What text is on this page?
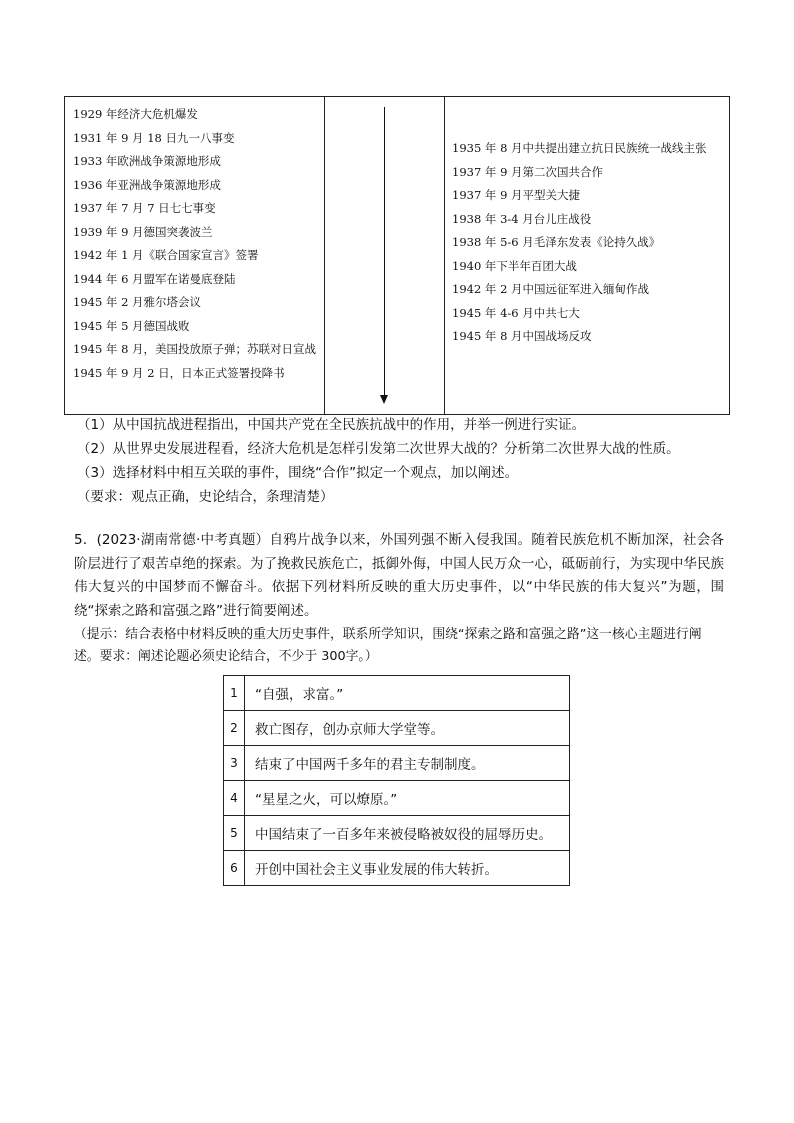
1929 年经济大危机爆发

1931 年 9 月 18 日九一八事变

1933 年欧洲战争策源地形成

1936 年亚洲战争策源地形成

1937 年 7 月 7 日七七事变

1939 年 9 月德国突袭波兰

1942 年 1 月《联合国家宣言》签署

1944 年 6 月盟军在诺曼底登陆

1945 年 2 月雅尔塔会议

1945 年 5 月德国战败

1945 年 8 月，美国投放原子弹；苏联对日宣战

1945 年 9 月 2 日，日本正式签署投降书

1935 年 8 月中共提出建立抗日民族统一战线主张

1937 年 9 月第二次国共合作

1937 年 9 月平型关大捷

1938 年 3-4 月台儿庄战役

1938 年 5-6 月毛泽东发表《论持久战》

1940 年下半年百团大战

1942 年 2 月中国远征军进入缅甸作战

1945 年 4-6 月中共七大

1945 年 8 月中国战场反攻

（1）从中国抗战进程指出，中国共产党在全民族抗战中的作用，并举一例进行实证。
（2）从世界史发展进程看，经济大危机是怎样引发第二次世界大战的？分析第二次世界大战的性质。
（3）选择材料中相互关联的事件，围绕“合作”拟定一个观点，加以阐述。
（要求：观点正确，史论结合，条理清楚）
5．(2023·湖南常德·中考真题）自鸦片战争以来，外国列强不断入侵我国。随着民族危机不断加深，社会各阶层进行了艰苦卓绝的探索。为了挽救民族危亡，抵御外侮，中国人民万众一心，砥砺前行，为实现中华民族伟大复兴的中国梦而不懈奋斗。依据下列材料所反映的重大历史事件，以“中华民族的伟大复兴”为题，围绕“探索之路和富强之路”进行简要阐述。
（提示：结合表格中材料反映的重大历史事件，联系所学知识，围绕“探索之路和富强之路”这一核心主题进行阐述。要求：阐述论题必须史论结合，不少于 300字。）
1	“自强，求富。”
2	救亡图存，创办京师大学堂等。
3	结束了中国两千多年的君主专制制度。
4	“星星之火，可以燎原。”
5	中国结束了一百多年来被侵略被奴役的屈辱历史。
6	开创中国社会主义事业发展的伟大转折。
